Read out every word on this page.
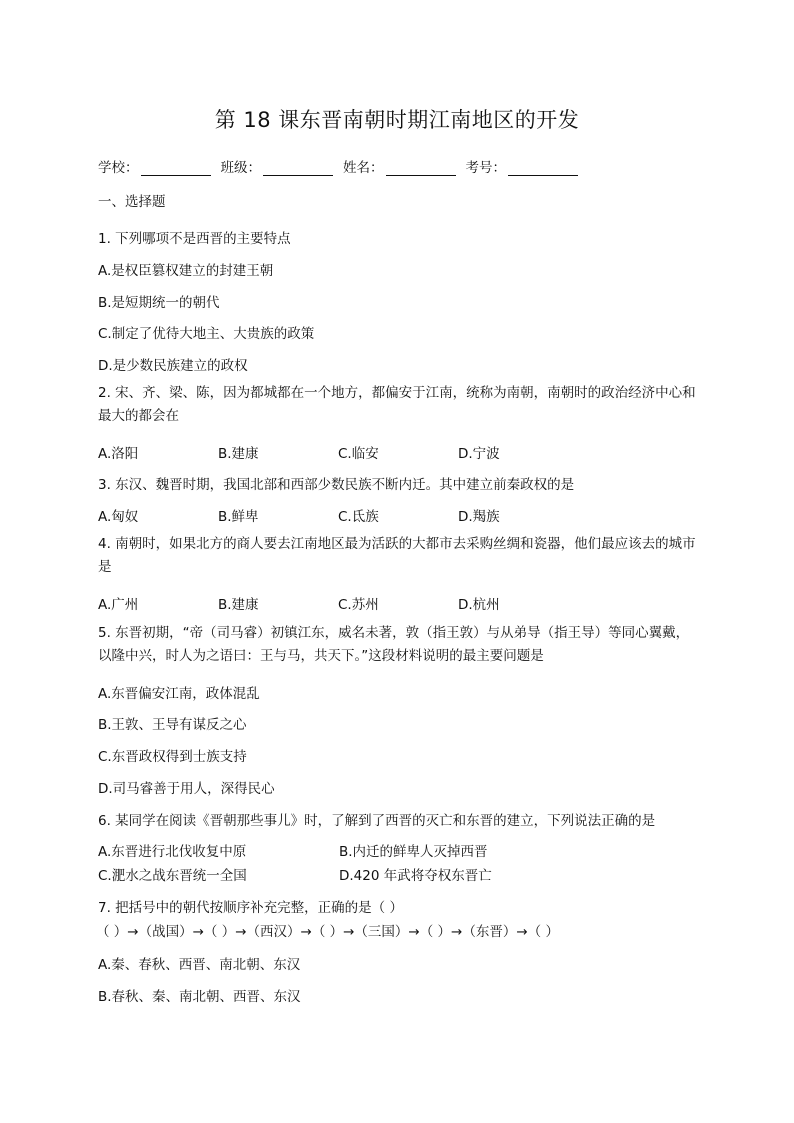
第 18 课东晋南朝时期江南地区的开发
学校：	班级：	姓名：	考号：
一、选择题
1. 下列哪项不是西晋的主要特点
A.是权臣篡权建立的封建王朝
B.是短期统一的朝代
C.制定了优待大地主、大贵族的政策
D.是少数民族建立的政权
2. 宋、齐、梁、陈，因为都城都在一个地方，都偏安于江南，统称为南朝，南朝时的政治经济中心和最大的都会在
A.洛阳	B.建康	C.临安	D.宁波
3. 东汉、魏晋时期，我国北部和西部少数民族不断内迁。其中建立前秦政权的是
A.匈奴	B.鲜卑	C.氐族	D.羯族
4. 南朝时，如果北方的商人要去江南地区最为活跃的大都市去采购丝绸和瓷器，他们最应该去的城市是
A.广州	B.建康	C.苏州	D.杭州
5. 东晋初期，“帝（司马睿）初镇江东，威名未著，敦（指王敦）与从弟导（指王导）等同心翼戴，以隆中兴，时人为之语曰：王与马，共天下。”这段材料说明的最主要问题是
A.东晋偏安江南，政体混乱
B.王敦、王导有谋反之心
C.东晋政权得到士族支持
D.司马睿善于用人，深得民心
6. 某同学在阅读《晋朝那些事儿》时，了解到了西晋的灭亡和东晋的建立，下列说法正确的是
A.东晋进行北伐收复中原	B.内迁的鲜卑人灭掉西晋
C.淝水之战东晋统一全国	D.420 年武将夺权东晋亡
7. 把括号中的朝代按顺序补充完整，正确的是（ ）
（ ）→（战国）→（ ）→（西汉）→（ ）→（三国）→（ ）→（东晋）→（ ）
A.秦、春秋、西晋、南北朝、东汉
B.春秋、秦、南北朝、西晋、东汉
